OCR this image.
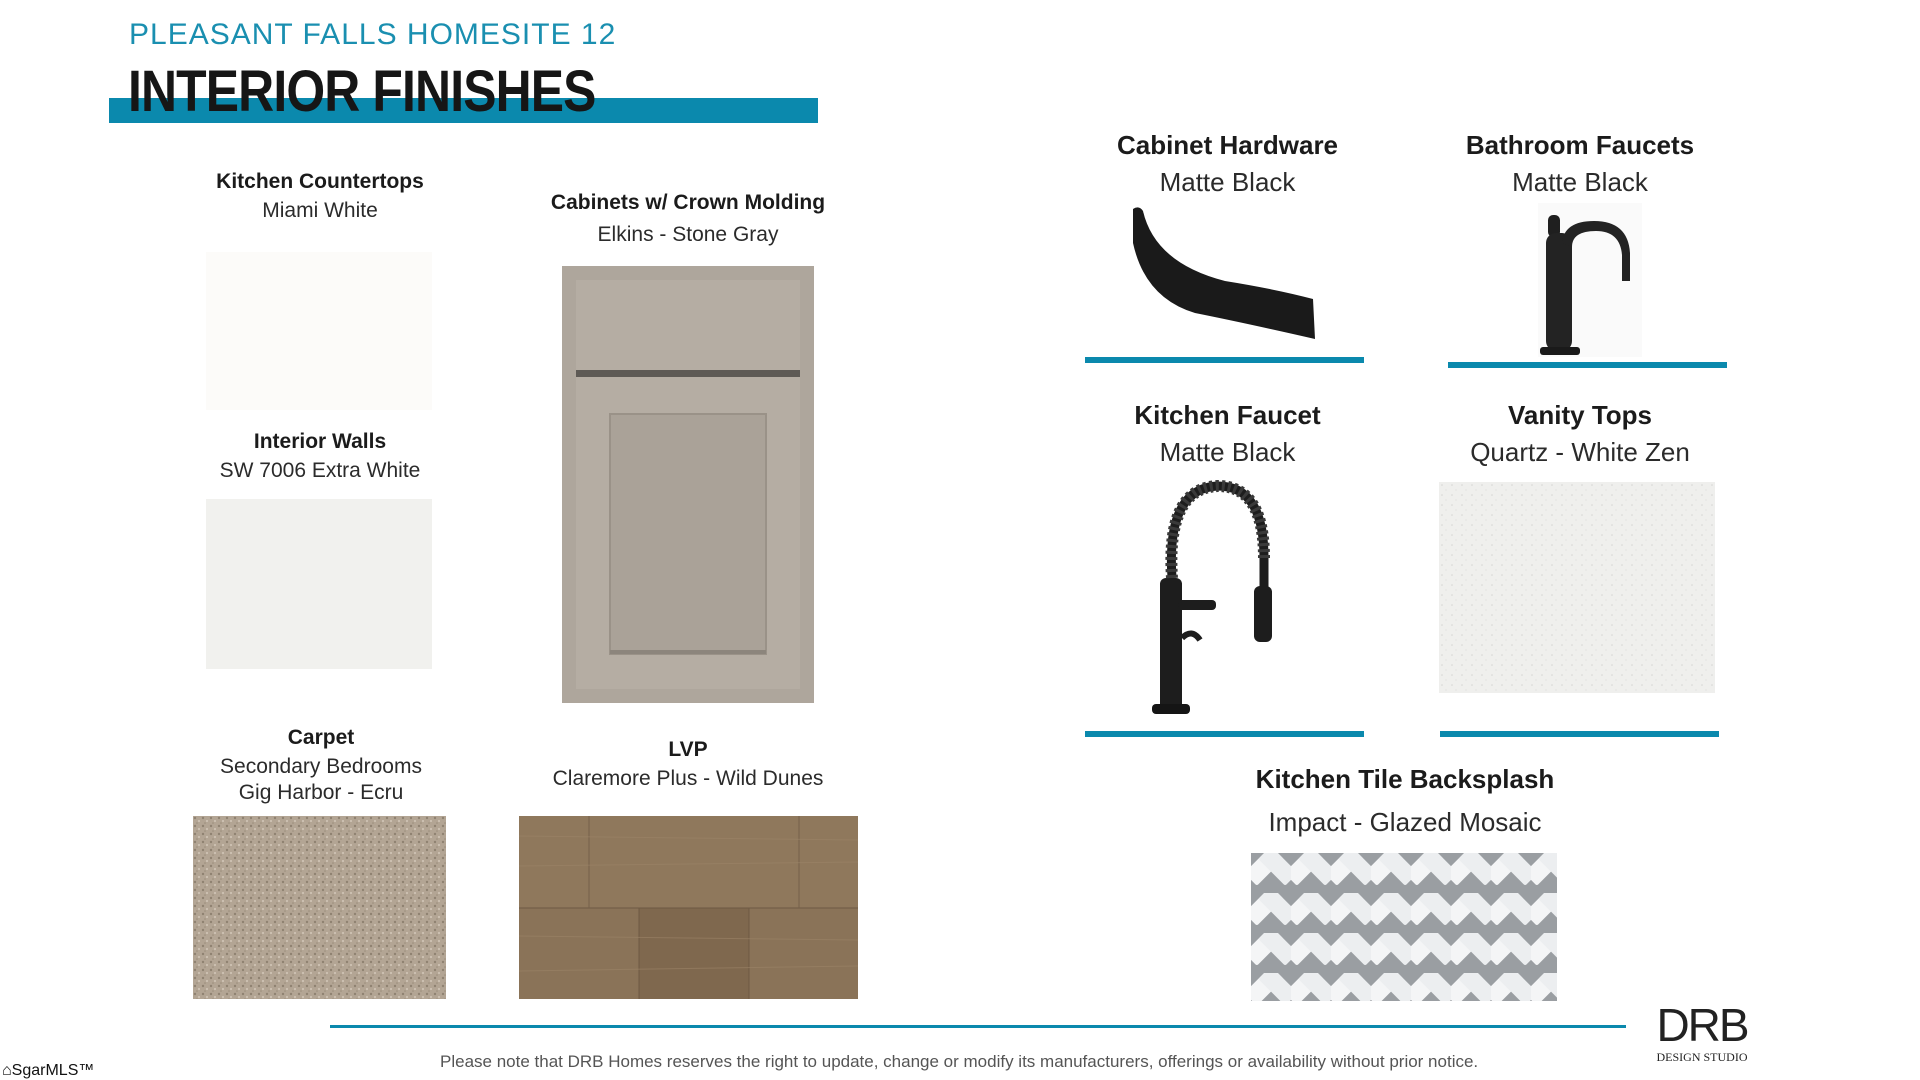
PLEASANT FALLS HOMESITE 12
INTERIOR FINISHES
Kitchen Countertops
Miami White
Interior Walls
SW 7006 Extra White
Cabinets w/ Crown Molding
Elkins - Stone Gray
Carpet
Secondary Bedrooms
Gig Harbor - Ecru
LVP
Claremore Plus - Wild Dunes
Cabinet Hardware
Matte Black
Bathroom Faucets
Matte Black
Kitchen Faucet
Matte Black
Vanity Tops
Quartz - White Zen
Kitchen Tile Backsplash
Impact - Glazed Mosaic
Please note that DRB Homes reserves the right to update, change or modify its manufacturers, offerings or availability without prior notice.
DRB
DESIGN STUDIO
⌂SgarMLS™
